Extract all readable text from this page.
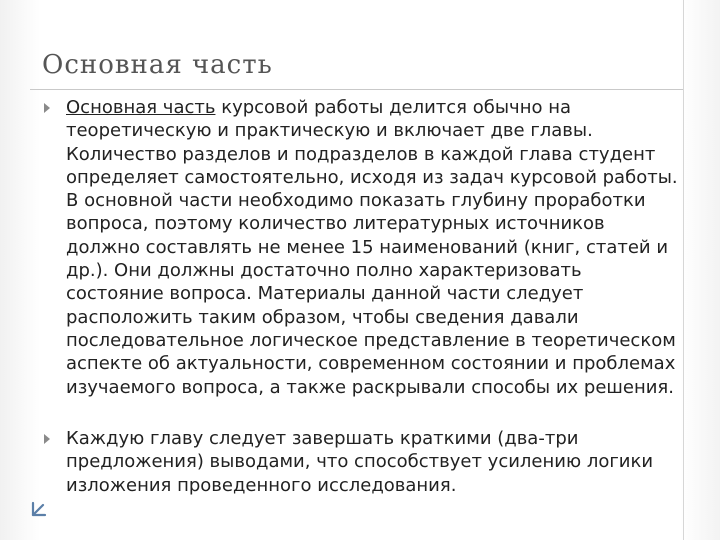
Основная часть

Основная часть курсовой работы делится обычно на теоретическую и практическую и включает две главы. Количество разделов и подразделов в каждой глава студент определяет самостоятельно, исходя из задач курсовой работы. В основной части необходимо показать глубину проработки вопроса, поэтому количество литературных источников должно составлять не менее 15 наименований (книг, статей и др.). Они должны достаточно полно характеризовать состояние вопроса. Материалы данной части следует расположить таким образом, чтобы сведения давали последовательное логическое представление в теоретическом аспекте об актуальности, современном состоянии и проблемах изучаемого вопроса, а также раскрывали способы их решения.

Каждую главу следует завершать краткими (два-три предложения) выводами, что способствует усилению логики изложения проведенного исследования.
